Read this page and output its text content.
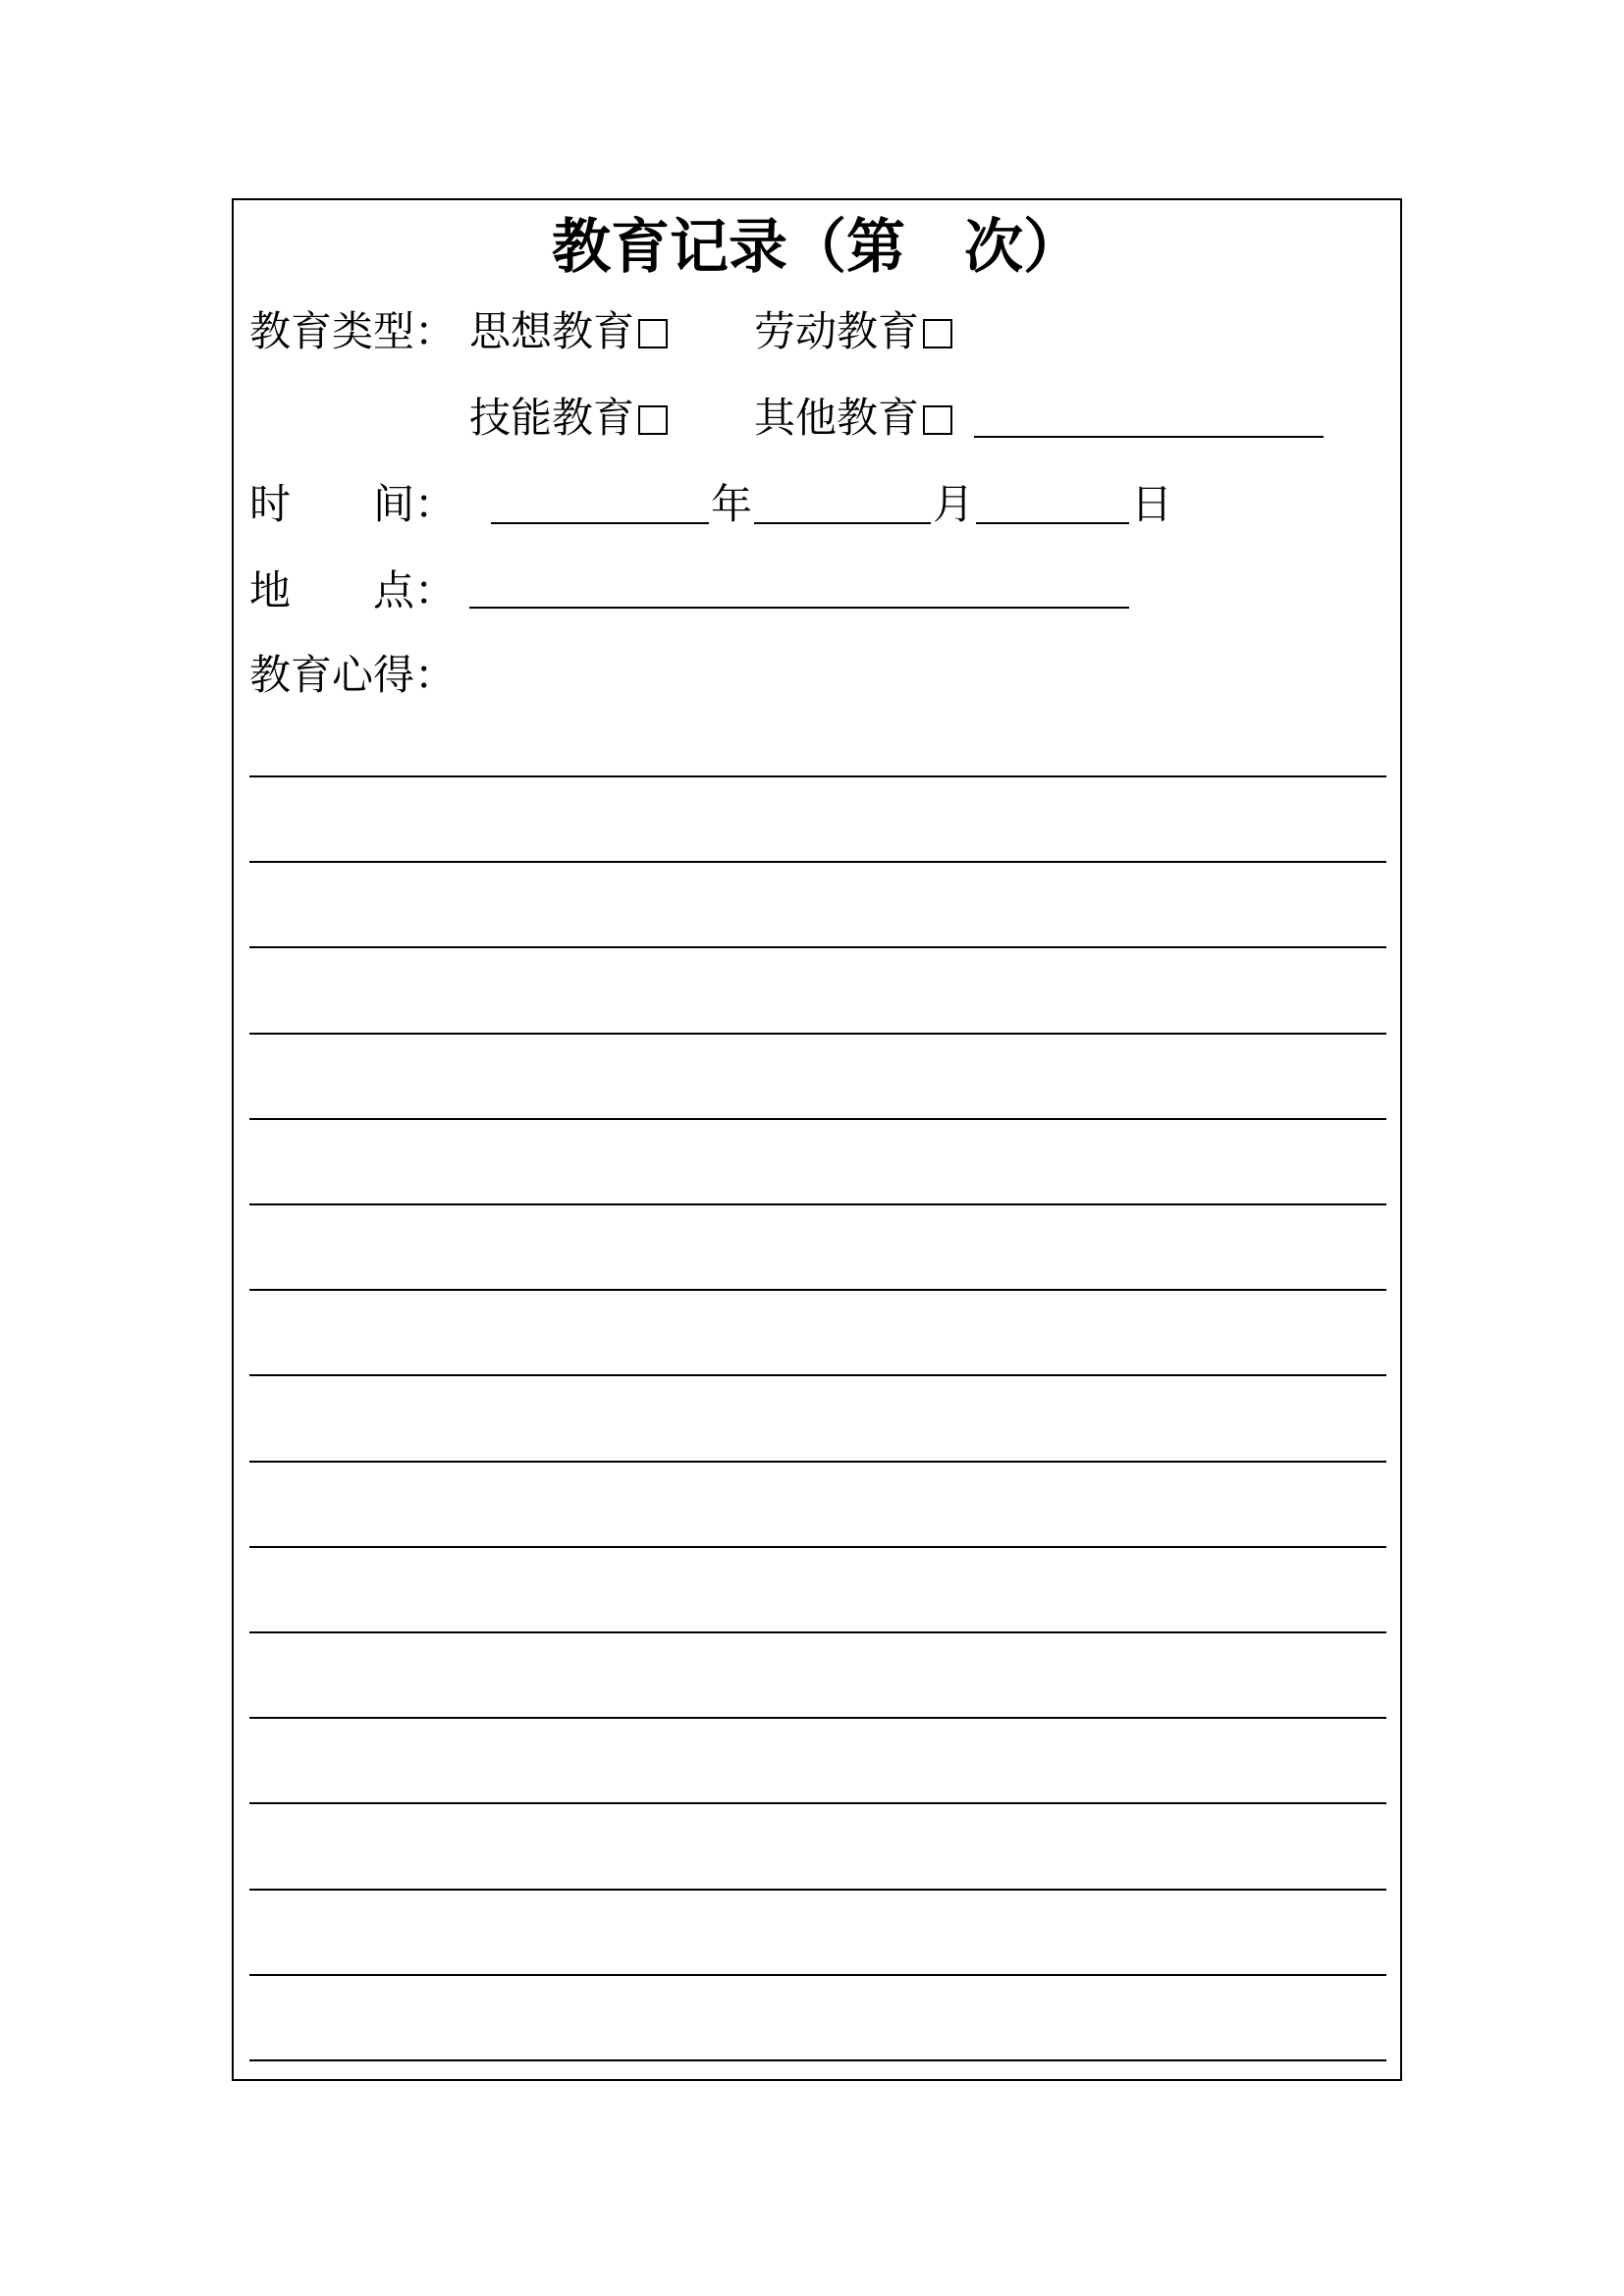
教育记录（第　次）
教育类型： 思想教育	劳动教育
技能教育	其他教育
时　　间：	年	月	日
地　　点：
教育心得：
